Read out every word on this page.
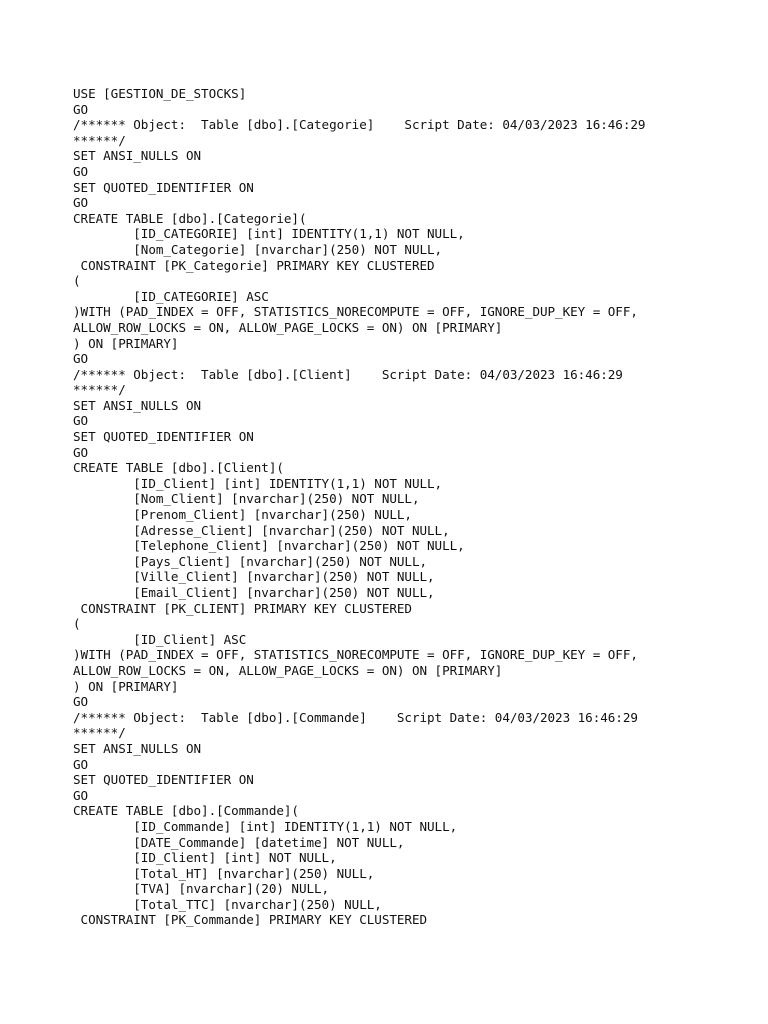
USE [GESTION_DE_STOCKS]
GO
/****** Object:  Table [dbo].[Categorie]    Script Date: 04/03/2023 16:46:29
******/
SET ANSI_NULLS ON
GO
SET QUOTED_IDENTIFIER ON
GO
CREATE TABLE [dbo].[Categorie](
[ID_CATEGORIE] [int] IDENTITY(1,1) NOT NULL,
[Nom_Categorie] [nvarchar](250) NOT NULL,
CONSTRAINT [PK_Categorie] PRIMARY KEY CLUSTERED
(
[ID_CATEGORIE] ASC
)WITH (PAD_INDEX = OFF, STATISTICS_NORECOMPUTE = OFF, IGNORE_DUP_KEY = OFF,
ALLOW_ROW_LOCKS = ON, ALLOW_PAGE_LOCKS = ON) ON [PRIMARY]
) ON [PRIMARY]
GO
/****** Object:  Table [dbo].[Client]    Script Date: 04/03/2023 16:46:29
******/
SET ANSI_NULLS ON
GO
SET QUOTED_IDENTIFIER ON
GO
CREATE TABLE [dbo].[Client](
[ID_Client] [int] IDENTITY(1,1) NOT NULL,
[Nom_Client] [nvarchar](250) NOT NULL,
[Prenom_Client] [nvarchar](250) NULL,
[Adresse_Client] [nvarchar](250) NOT NULL,
[Telephone_Client] [nvarchar](250) NOT NULL,
[Pays_Client] [nvarchar](250) NOT NULL,
[Ville_Client] [nvarchar](250) NOT NULL,
[Email_Client] [nvarchar](250) NOT NULL,
CONSTRAINT [PK_CLIENT] PRIMARY KEY CLUSTERED
(
[ID_Client] ASC
)WITH (PAD_INDEX = OFF, STATISTICS_NORECOMPUTE = OFF, IGNORE_DUP_KEY = OFF,
ALLOW_ROW_LOCKS = ON, ALLOW_PAGE_LOCKS = ON) ON [PRIMARY]
) ON [PRIMARY]
GO
/****** Object:  Table [dbo].[Commande]    Script Date: 04/03/2023 16:46:29
******/
SET ANSI_NULLS ON
GO
SET QUOTED_IDENTIFIER ON
GO
CREATE TABLE [dbo].[Commande](
[ID_Commande] [int] IDENTITY(1,1) NOT NULL,
[DATE_Commande] [datetime] NOT NULL,
[ID_Client] [int] NOT NULL,
[Total_HT] [nvarchar](250) NULL,
[TVA] [nvarchar](20) NULL,
[Total_TTC] [nvarchar](250) NULL,
CONSTRAINT [PK_Commande] PRIMARY KEY CLUSTERED
